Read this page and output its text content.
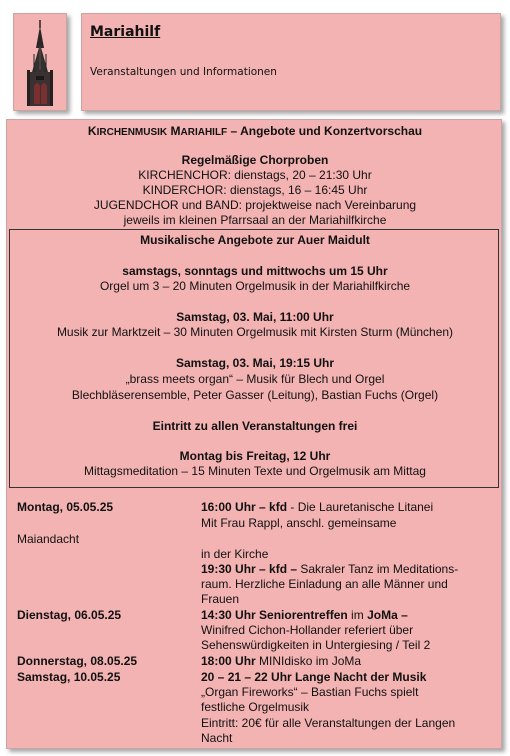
Mariahilf
Veranstaltungen und Informationen
KIRCHENMUSIK MARIAHILF – Angebote und Konzertvorschau
Regelmäßige Chorproben
KIRCHENCHOR: dienstags, 20 – 21:30 Uhr
KINDERCHOR: dienstags, 16 – 16:45 Uhr
JUGENDCHOR und BAND: projektweise nach Vereinbarung
jeweils im kleinen Pfarrsaal an der Mariahilfkirche
Musikalische Angebote zur Auer Maidult
samstags, sonntags und mittwochs um 15 Uhr
Orgel um 3 – 20 Minuten Orgelmusik in der Mariahilfkirche
Samstag, 03. Mai, 11:00 Uhr
Musik zur Marktzeit – 30 Minuten Orgelmusik mit Kirsten Sturm (München)
Samstag, 03. Mai, 19:15 Uhr
„brass meets organ“ – Musik für Blech und Orgel
Blechbläserensemble, Peter Gasser (Leitung), Bastian Fuchs (Orgel)
Eintritt zu allen Veranstaltungen frei
Montag bis Freitag, 12 Uhr
Mittagsmeditation – 15 Minuten Texte und Orgelmusik am Mittag
Montag, 05.05.25	16:00 Uhr – kfd - Die Lauretanische Litanei
Mit Frau Rappl, anschl. gemeinsame
Maiandacht
in der Kirche
19:30 Uhr – kfd – Sakraler Tanz im Meditations-
raum. Herzliche Einladung an alle Männer und
Frauen
Dienstag, 06.05.25	14:30 Uhr Seniorentreffen im JoMa –
Winifred Cichon-Hollander referiert über
Sehenswürdigkeiten in Untergiesing / Teil 2
Donnerstag, 08.05.25	18:00 Uhr MINIdisko im JoMa
Samstag, 10.05.25	20 – 21 – 22 Uhr Lange Nacht der Musik
„Organ Fireworks“ – Bastian Fuchs spielt
festliche Orgelmusik
Eintritt: 20€ für alle Veranstaltungen der Langen
Nacht
